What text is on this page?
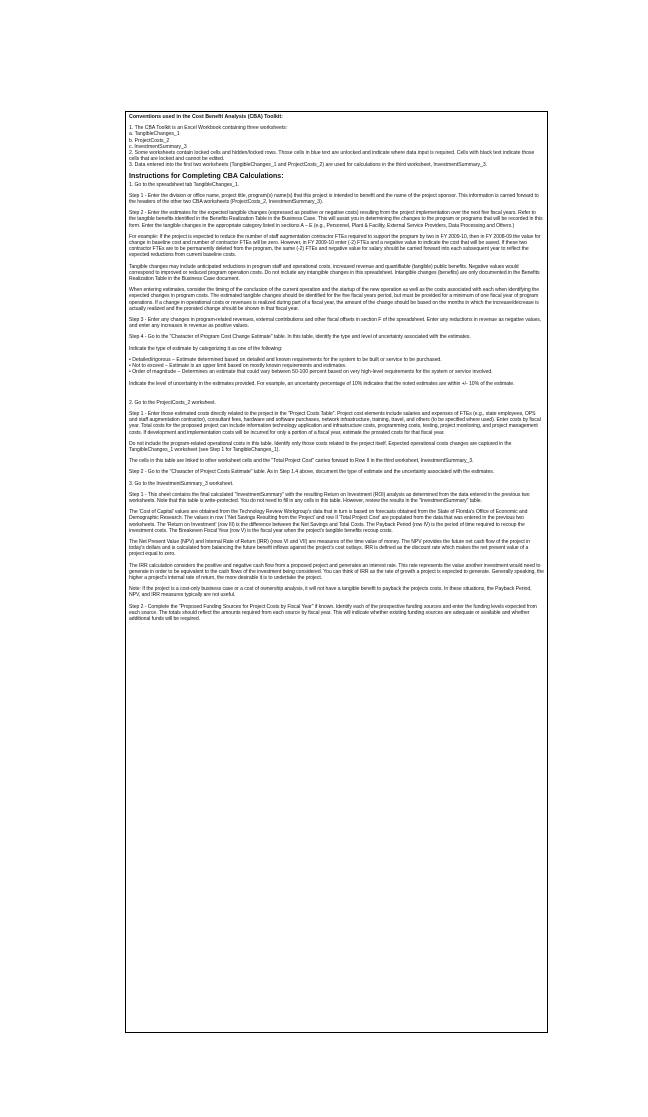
Conventions used in the Cost Benefit Analysis (CBA) Toolkit:
1. The CBA Toolkit is an Excel Workbook containing three worksheets:
a. TangibleChanges_1
b. ProjectCosts_2
c. InvestmentSummary_3
2. Some worksheets contain locked cells and hidden/locked rows. Those cells in blue text are unlocked and indicate where data input is required. Cells with black text indicate those cells that are locked and cannot be edited.
3. Data entered into the first two worksheets (TangibleChanges_1 and ProjectCosts_2) are used for calculations in the third worksheet, InvestmentSummary_3.
Instructions for Completing CBA Calculations:
1. Go to the spreadsheet tab TangibleChanges_1.
Step 1 - Enter the division or office name, project title, program(s) name(s) that this project is intended to benefit and the name of the project sponsor. This information is carried forward to the headers of the other two CBA worksheets (ProjectCosts_2, InvestmentSummary_3).
Step 2 - Enter the estimates for the expected tangible changes (expressed as positive or negative costs) resulting from the project implementation over the next five fiscal years. Refer to the tangible benefits identified in the Benefits Realization Table in the Business Case. This will assist you in determining the changes to the program or programs that will be recorded in this form. Enter the tangible changes in the appropriate category listed in sections A – E (e.g., Personnel, Plant & Facility, External Service Providers, Data Processing and Others.)
For example: If the project is expected to reduce the number of staff augmentation contractor FTEs required to support the program by two in FY 2009-10, then in FY 2008-09 the value for change in baseline cost and number of contractor FTEs will be zero. However, in FY 2009-10 enter (-2) FTEs and a negative value to indicate the cost that will be saved. If these two contractor FTEs are to be permanently deleted from the program, the same (-2) FTEs and negative value for salary should be carried forward into each subsequent year to reflect the expected reductions from current baseline costs.
Tangible changes may include anticipated reductions in program staff and operational costs, increased revenue and quantifiable (tangible) public benefits. Negative values would correspond to improved or reduced program operation costs. Do not include any intangible changes in this spreadsheet. Intangible changes (benefits) are only documented in the Benefits Realization Table in the Business Case document.
When entering estimates, consider the timing of the conclusion of the current operation and the startup of the new operation as well as the costs associated with each when identifying the expected changes in program costs. The estimated tangible changes should be identified for the five fiscal years period, but must be provided for a minimum of one fiscal year of program operations. If a change in operational costs or revenues is realized during part of a fiscal year, the amount of the change should be based on the months in which the increase/decrease is actually realized and the prorated change should be shown in that fiscal year.
Step 3 - Enter any changes in program-related revenues, external contributions and other fiscal offsets in section F of the spreadsheet. Enter any reductions in revenue as negative values, and enter any increases in revenue as positive values.
Step 4 - Go to the "Character of Program Cost Change Estimate" table. In this table, identify the type and level of uncertainty associated with the estimates.
Indicate the type of estimate by categorizing it as one of the following:
• Detailed/rigorous – Estimate determined based on detailed and known requirements for the system to be built or service to be purchased.
• Not to exceed – Estimate is an upper limit based on mostly known requirements and estimates.
• Order of magnitude – Determines an estimate that could vary between 50-100 percent based on very high-level requirements for the system or service involved.
Indicate the level of uncertainty in the estimates provided. For example, an uncertainty percentage of 10% indicates that the noted estimates are within +/- 10% of the estimate.
2. Go to the ProjectCosts_2 worksheet.
Step 1 - Enter those estimated costs directly related to the project in the "Project Costs Table". Project cost elements include salaries and expenses of FTEs (e.g., state employees, OPS and staff augmentation contractor), consultant fees, hardware and software purchases, network infrastructure, training, travel, and others (to be specified where used). Enter costs by fiscal year. Total costs for the proposed project can include information technology application and infrastructure costs, programming costs, testing, project monitoring, and project management costs. If development and implementation costs will be incurred for only a portion of a fiscal year, estimate the prorated costs for that fiscal year.
Do not include the program-related operational costs in this table. Identify only those costs related to the project itself. Expected operational costs changes are captured in the TangibleChanges_1 worksheet (see Step 1 for TangibleChanges_1).
The cells in this table are linked to other worksheet cells and the "Total Project Cost" carries forward to Row II in the third worksheet, InvestmentSummary_3.
Step 2 - Go to the "Character of Project Costs Estimate" table. As in Step 1.4 above, document the type of estimate and the uncertainty associated with the estimates.
3. Go to the InvestmentSummary_3 worksheet.
Step 1 - This sheet contains the final calculated "InvestmentSummary" with the resulting Return on Investment (ROI) analysis as determined from the data entered in the previous two worksheets. Note that this table is write-protected. You do not need to fill in any cells in this table. However, review the results in the "InvestmentSummary" table.
The 'Cost of Capital' values are obtained from the Technology Review Workgroup's data that in turn is based on forecasts obtained from the State of Florida's Office of Economic and Demographic Research. The values in row I 'Net Savings Resulting from the Project' and row II 'Total Project Cost' are populated from the data that was entered in the previous two worksheets. The 'Return on Investment' (row III) is the difference between the Net Savings and Total Costs. The Payback Period (row IV) is the period of time required to recoup the investment costs. The Breakeven Fiscal Year (row V) is the fiscal year when the project's tangible benefits recoup costs.
The Net Present Value (NPV) and Internal Rate of Return (IRR) (rows VI and VII) are measures of the time value of money. The NPV provides the future net cash flow of the project in today's dollars and is calculated from balancing the future benefit inflows against the project's cost outlays. IRR is defined as the discount rate which makes the net present value of a project equal to zero.
The IRR calculation considers the positive and negative cash flow from a proposed project and generates an interest rate. This rate represents the value another investment would need to generate in order to be equivalent to the cash flows of the investment being considered. You can think of IRR as the rate of growth a project is expected to generate. Generally speaking, the higher a project's internal rate of return, the more desirable it is to undertake the project.
Note: If the project is a cost-only business case or a cost of ownership analysis, it will not have a tangible benefit to payback the projects costs. In these situations, the Payback Period, NPV, and IRR measures typically are not useful.
Step 2 - Complete the "Proposed Funding Sources for Project Costs by Fiscal Year" if known. Identify each of the prospective funding sources and enter the funding levels expected from each source. The totals should reflect the amounts required from each source by fiscal year. This will indicate whether existing funding sources are adequate or available and whether additional funds will be required.
